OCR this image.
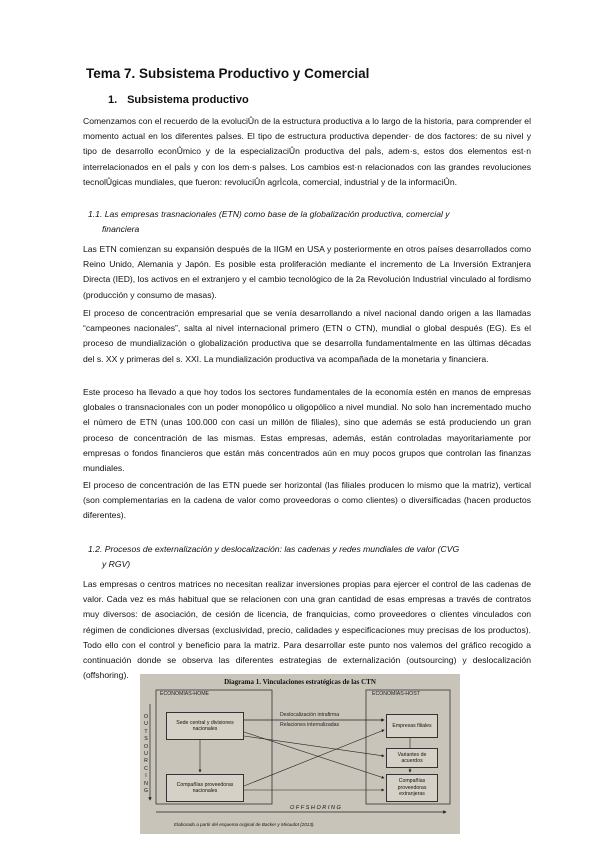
Tema 7. Subsistema Productivo y Comercial
1. Subsistema productivo
Comenzamos con el recuerdo de la evoluciÛn de la estructura productiva a lo largo de la historia, para comprender el momento actual en los diferentes paÌses. El tipo de estructura productiva depender· de dos factores: de su nivel y tipo de desarrollo econÛmico y de la especializaciÛn productiva del paÌs, adem·s, estos dos elementos est·n interrelacionados en el paÌs y con los dem·s paÌses. Los cambios est·n relacionados con las grandes revoluciones tecnolÛgicas mundiales, que fueron: revoluciÛn agrÌcola, comercial, industrial y de la informaciÛn.
1.1. Las empresas trasnacionales (ETN) como base de la globalización productiva, comercial y
financiera
Las ETN comienzan su expansión después de la IIGM en USA y posteriormente en otros países desarrollados como Reino Unido, Alemania y Japón. Es posible esta proliferación mediante el incremento de La Inversión Extranjera Directa (IED), los activos en el extranjero y el cambio tecnológico de la 2a Revolución Industrial vinculado al fordismo (producción y consumo de masas).
El proceso de concentración empresarial que se venía desarrollando a nivel nacional dando origen a las llamadas “campeones nacionales”, salta al nivel internacional primero (ETN o CTN), mundial o global después (EG). Es el proceso de mundialización o globalización productiva que se desarrolla fundamentalmente en las últimas décadas del s. XX y primeras del s. XXI. La mundialización productiva va acompañada de la monetaria y financiera.
Este proceso ha llevado a que hoy todos los sectores fundamentales de la economía estén en manos de empresas globales o transnacionales con un poder monopólico u oligopólico a nivel mundial. No solo han incrementado mucho el número de ETN (unas 100.000 con casi un millón de filiales), sino que además se está produciendo un gran proceso de concentración de las mismas. Estas empresas, además, están controladas mayoritariamente por empresas o fondos financieros que están más concentrados aún en muy pocos grupos que controlan las finanzas mundiales.
El proceso de concentración de las ETN puede ser horizontal (las filiales producen lo mismo que la matriz), vertical (son complementarias en la cadena de valor como proveedoras o como clientes) o diversificadas (hacen productos diferentes).
1.2. Procesos de externalización y deslocalización: las cadenas y redes mundiales de valor (CVG
y RGV)
Las empresas o centros matrices no necesitan realizar inversiones propias para ejercer el control de las cadenas de valor. Cada vez es más habitual que se relacionen con una gran cantidad de esas empresas a través de contratos muy diversos: de asociación, de cesión de licencia, de franquicias, como proveedores o clientes vinculados con régimen de condiciones diversas (exclusividad, precio, calidades y especificaciones muy precisas de los productos). Todo ello con el control y beneficio para la matriz. Para desarrollar este punto nos valemos del gráfico recogido a continuación donde se observa las diferentes estrategias de externalización (outsourcing) y deslocalización (offshoring).
Diagrama 1. Vinculaciones estratégicas de las CTN
ECONOMÍAS-HOME	ECONOMÍAS-HOST
O
U
T
S
O
U
R
C
I
N
G
Sede central y divisiones nacionales
Empresas filiales
Variantes de acuerdos
Compañías proveedoras nacionales
Compañías proveedoras extranjeras
Deslocalización intrafirma
Relaciones internalizadas
OFFSHORING
Elaborado a partir del esquema original de Backer y Miroudot (2013).
